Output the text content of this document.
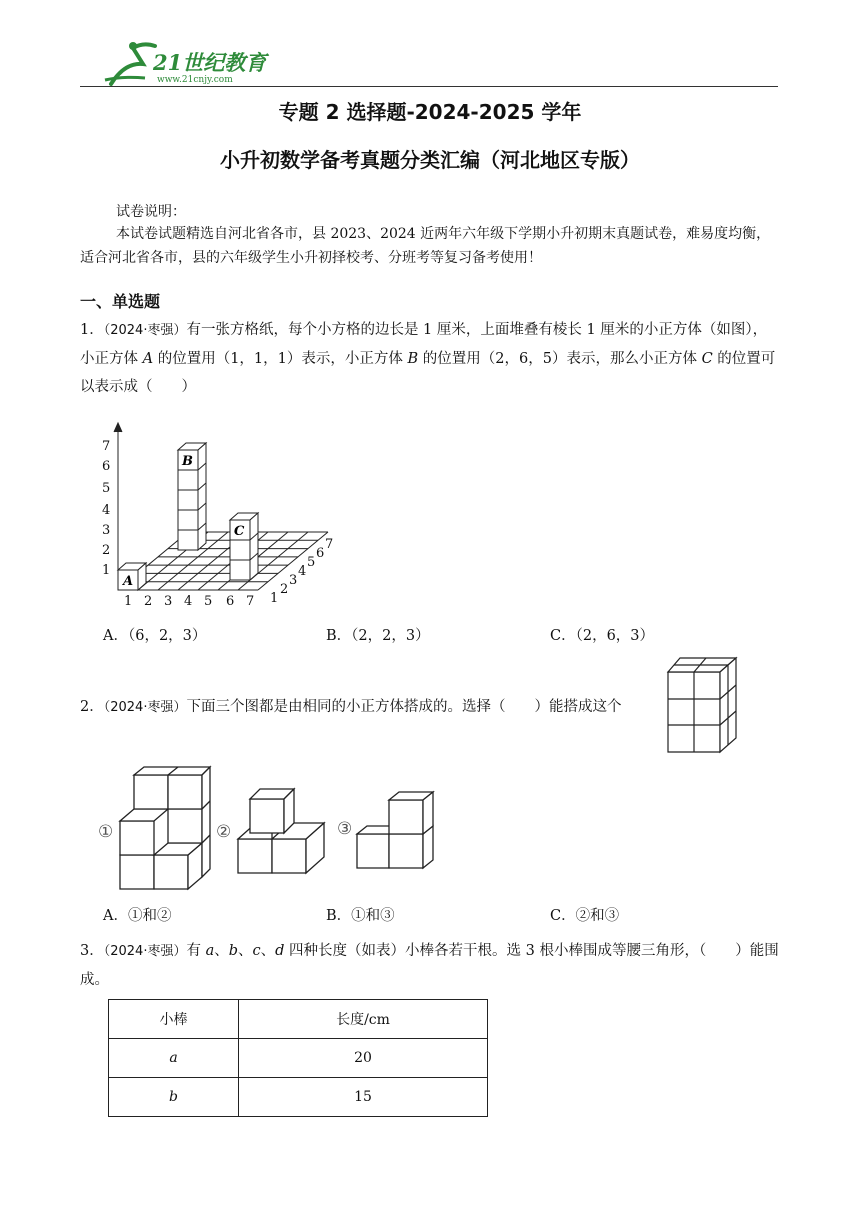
21世纪教育
www.21cnjy.com
专题 2 选择题-2024-2025 学年
小升初数学备考真题分类汇编（河北地区专版）
试卷说明：
本试卷试题精选自河北省各市，县 2023、2024 近两年六年级下学期小升初期末真题试卷，难易度均衡，适合河北省各市，县的六年级学生小升初择校考、分班考等复习备考使用！
一、单选题
1．（2024·枣强）有一张方格纸，每个小方格的边长是 1 厘米，上面堆叠有棱长 1 厘米的小正方体（如图），小正方体 A 的位置用（1，1，1）表示，小正方体 B 的位置用（2，6，5）表示，那么小正方体 C 的位置可以表示成（　　）
A
B
C
1
2
3
4
5
6
7
1 2 3 4 5 6 7 1
2
3
4
5
6
7
A．（6，2，3）	B．（2，2，3）	C．（2，6，3）
2．（2024·枣强）下面三个图都是由相同的小正方体搭成的。选择（　　）能搭成这个
①	②	③
A．①和②	B．①和③	C．②和③
3．（2024·枣强）有 a、b、c、d 四种长度（如表）小棒各若干根。选 3 根小棒围成等腰三角形，（　　）能围成。
小棒	长度/cm
a	20
b	15
